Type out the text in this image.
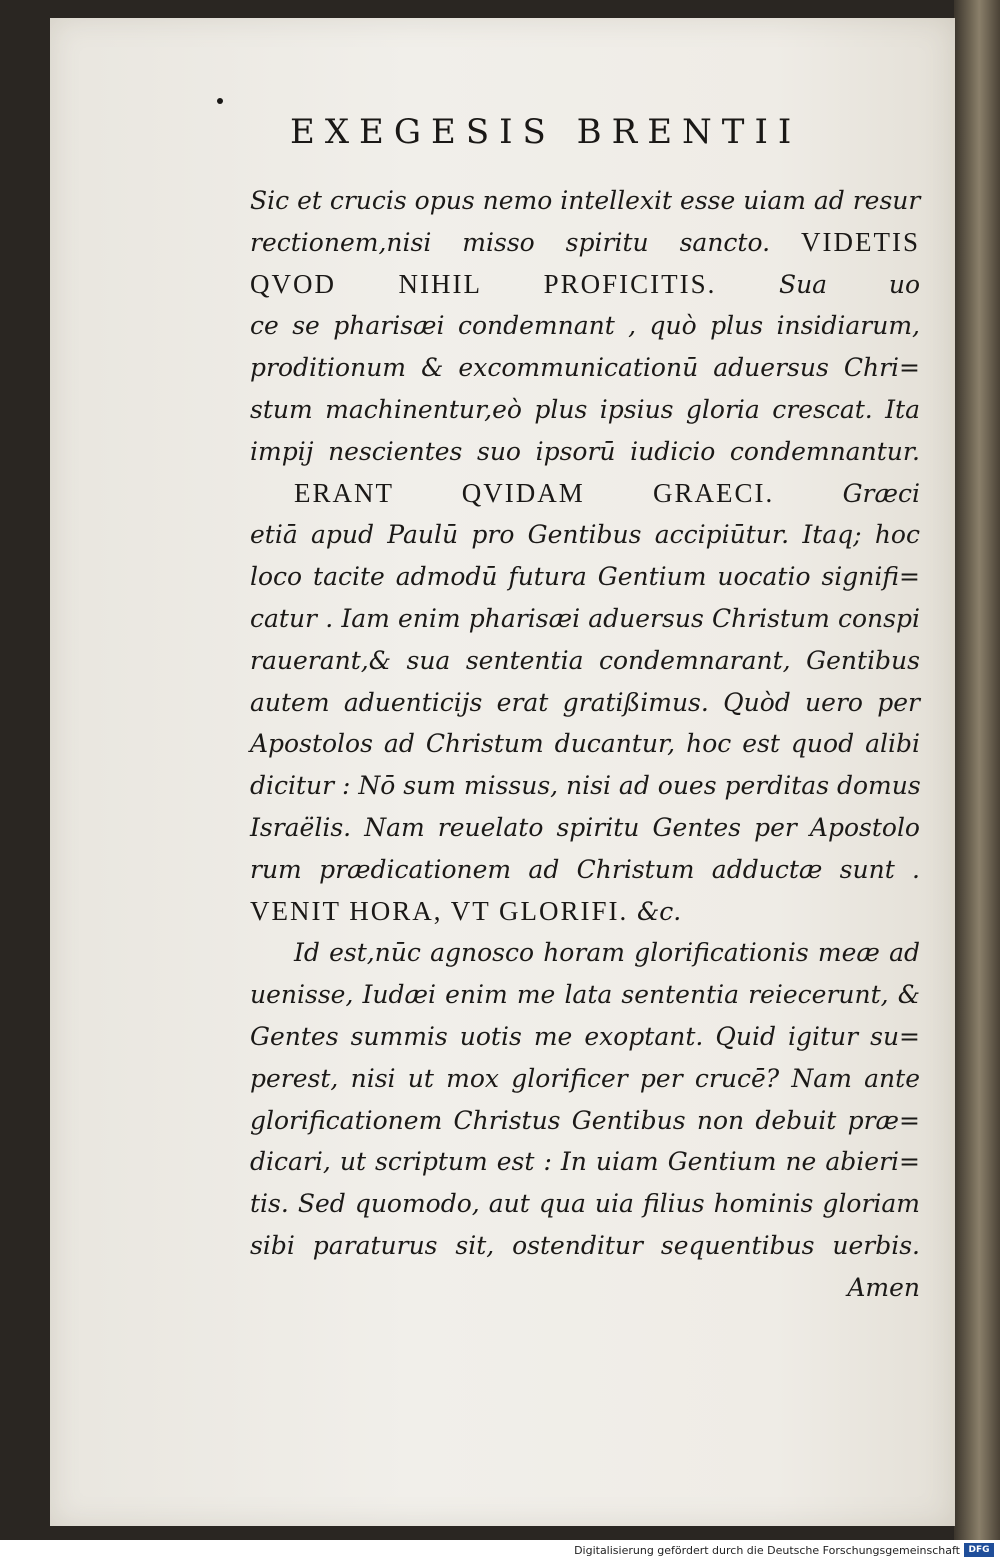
EXEGESIS BRENTII
Sic et crucis opus nemo intellexit esse uiam ad resur
rectionem,nisi misso spiritu sancto. VIDETIS
QVOD NIHIL PROFICITIS. Sua uo
ce se pharisæi condemnant , quò plus insidiarum,
proditionum & excommunicationū aduersus Chri=
stum machinentur,eò plus ipsius gloria crescat. Ita
impij nescientes suo ipsorū iudicio condemnantur.
ERANT QVIDAM GRAECI. Græci
etiā apud Paulū pro Gentibus accipiūtur. Itaq; hoc
loco tacite admodū futura Gentium uocatio signifi=
catur . Iam enim pharisæi aduersus Christum conspi
rauerant,& sua sententia condemnarant, Gentibus
autem aduenticijs erat gratißimus. Quòd uero per
Apostolos ad Christum ducantur, hoc est quod alibi
dicitur : Nō sum missus, nisi ad oues perditas domus
Israëlis. Nam reuelato spiritu Gentes per Apostolo
rum prædicationem ad Christum adductæ sunt .
VENIT HORA, VT GLORIFI. &c.
Id est,nūc agnosco horam glorificationis meæ ad
uenisse, Iudæi enim me lata sententia reiecerunt, &
Gentes summis uotis me exoptant. Quid igitur su=
perest, nisi ut mox glorificer per crucē? Nam ante
glorificationem Christus Gentibus non debuit præ=
dicari, ut scriptum est : In uiam Gentium ne abieri=
tis. Sed quomodo, aut qua uia filius hominis gloriam
sibi paraturus sit, ostenditur sequentibus uerbis.
Amen
Digitalisierung gefördert durch die Deutsche Forschungsgemeinschaft DFG
